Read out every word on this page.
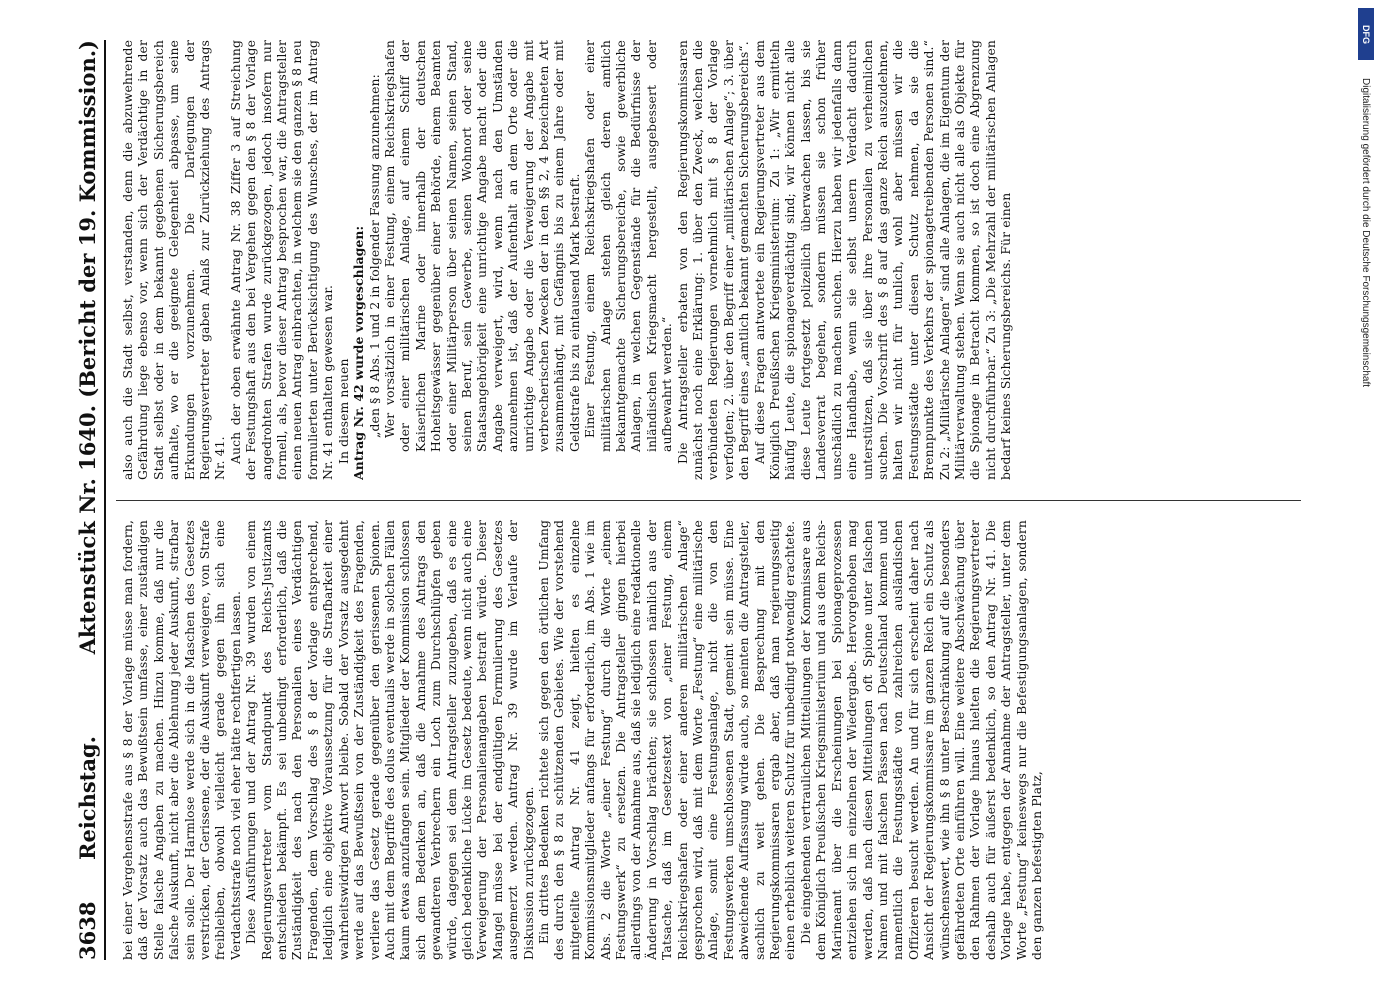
3638
Reichstag.
Aktenstück Nr. 1640. (Bericht der 19. Kommission.)

bei einer Vergehensstrafe aus § 8 der Vorlage müsse man fordern, daß der Vorsatz auch das Bewußtsein umfasse, einer zuständigen Stelle falsche Angaben zu machen. Hinzu komme, daß nur die falsche Auskunft, nicht aber die Ablehnung jeder Auskunft, strafbar sein solle. Der Harmlose werde sich in die Maschen des Gesetzes verstricken, der Gerissene, der die Auskunft verweigere, von Strafe freibleiben, obwohl vielleicht gerade gegen ihn sich eine Verdachtsstrafe noch viel eher hätte rechtfertigen lassen. Diese Ausführungen und der Antrag Nr. 39 wurden von einem Regierungsvertreter vom Standpunkt des Reichs-Justizamts entschieden bekämpft. Es sei unbedingt erforderlich, daß die Zuständigkeit des nach den Personalien eines Verdächtigen Fragenden, dem Vorschlag des § 8 der Vorlage entsprechend, lediglich eine objektive Voraussetzung für die Strafbarkeit einer wahrheitswidrigen Antwort bleibe. Sobald der Vorsatz ausgedehnt werde auf das Bewußtsein von der Zuständigkeit des Fragenden, verliere das Gesetz gerade gegenüber den gerissenen Spionen. Auch mit dem Begriffe des dolus eventualis werde in solchen Fällen kaum etwas anzufangen sein. Mitglieder der Kommission schlossen sich dem Bedenken an, daß die Annahme des Antrags den gewandteren Verbrechern ein Loch zum Durchschlüpfen geben würde, dagegen sei dem Antragsteller zuzugeben, daß es eine gleich bedenkliche Lücke im Gesetz bedeute, wenn nicht auch eine Verweigerung der Personalienangaben bestraft würde. Dieser Mangel müsse bei der endgültigen Formulierung des Gesetzes ausgemerzt werden. Antrag Nr. 39 wurde im Verlaufe der Diskussion zurückgezogen. Ein drittes Bedenken richtete sich gegen den örtlichen Umfang des durch den § 8 zu schützenden Gebietes. Wie der vorstehend mitgeteilte Antrag Nr. 41 zeigt, hielten es einzelne Kommissionsmitglieder anfangs für erforderlich, im Abs. 1 wie im Abs. 2 die Worte „einer Festung“ durch die Worte „einem Festungswerk“ zu ersetzen. Die Antragsteller gingen hierbei allerdings von der Annahme aus, daß sie lediglich eine redaktionelle Änderung in Vorschlag brächten; sie schlossen nämlich aus der Tatsache, daß im Gesetzestext von „einer Festung, einem Reichskriegshafen oder einer anderen militärischen Anlage“ gesprochen wird, daß mit dem Worte „Festung“ eine militärische Anlage, somit eine Festungsanlage, nicht die von den Festungswerken umschlossenen Stadt, gemeint sein müsse. Eine abweichende Auffassung würde auch, so meinten die Antragsteller, sachlich zu weit gehen. Die Besprechung mit den Regierungskommissaren ergab aber, daß man regierungsseitig einen erheblich weiteren Schutz für unbedingt notwendig erachtete. Die eingehenden vertraulichen Mitteilungen der Kommissare aus dem Königlich Preußischen Kriegsministerium und aus dem Reichs-Marineamt über die Erscheinungen bei Spionageprozessen entziehen sich im einzelnen der Wiedergabe. Hervorgehoben mag werden, daß nach diesen Mitteilungen oft Spione unter falschen Namen und mit falschen Pässen nach Deutschland kommen und namentlich die Festungsstädte von zahlreichen ausländischen Offizieren besucht werden. An und für sich erscheint daher nach Ansicht der Regierungskommissare im ganzen Reich ein Schutz als wünschenswert, wie ihn § 8 unter Beschränkung auf die besonders gefährdeten Orte einführen will. Eine weitere Abschwächung über den Rahmen der Vorlage hinaus hielten die Regierungsvertreter deshalb auch für äußerst bedenklich, so den Antrag Nr. 41. Die Vorlage habe, entgegen der Annahme der Antragsteller, unter dem Worte „Festung“ keineswegs nur die Befestigungsanlagen, sondern den ganzen befestigten Platz,

also auch die Stadt selbst, verstanden, denn die abzuwehrende Gefährdung liege ebenso vor, wenn sich der Verdächtige in der Stadt selbst oder in dem bekannt gegebenen Sicherungsbereich aufhalte, wo er die geeignete Gelegenheit abpasse, um seine Erkundungen vorzunehmen. Die Darlegungen der Regierungsvertreter gaben Anlaß zur Zurückziehung des Antrags Nr. 41. Auch der oben erwähnte Antrag Nr. 38 Ziffer 3 auf Streichung der Festungshaft aus den bei Vergehen gegen den § 8 der Vorlage angedrohten Strafen wurde zurückgezogen, jedoch insofern nur formell, als, bevor dieser Antrag besprochen war, die Antragsteller einen neuen Antrag einbrachten, in welchem sie den ganzen § 8 neu formulierten unter Berücksichtigung des Wunsches, der im Antrag Nr. 41 enthalten gewesen war. In diesem neuen Antrag Nr. 42 wurde vorgeschlagen: „den § 8 Abs. 1 und 2 in folgender Fassung anzunehmen: Wer vorsätzlich in einer Festung, einem Reichskriegshafen oder einer militärischen Anlage, auf einem Schiff der Kaiserlichen Marine oder innerhalb der deutschen Hoheitsgewässer gegenüber einer Behörde, einem Beamten oder einer Militärperson über seinen Namen, seinen Stand, seinen Beruf, sein Gewerbe, seinen Wohnort oder seine Staatsangehörigkeit eine unrichtige Angabe macht oder die Angabe verweigert, wird, wenn nach den Umständen anzunehmen ist, daß der Aufenthalt an dem Orte oder die unrichtige Angabe oder die Verweigerung der Angabe mit verbrecherischen Zwecken der in den §§ 2, 4 bezeichneten Art zusammenhängt, mit Gefängnis bis zu einem Jahre oder mit Geldstrafe bis zu eintausend Mark bestraft. Einer Festung, einem Reichskriegshafen oder einer militärischen Anlage stehen gleich deren amtlich bekanntgemachte Sicherungsbereiche, sowie gewerbliche Anlagen, in welchen Gegenstände für die Bedürfnisse der inländischen Kriegsmacht hergestellt, ausgebessert oder aufbewahrt werden.“ Die Antragsteller erbaten von den Regierungskommissaren zunächst noch eine Erklärung: 1. über den Zweck, welchen die verbündeten Regierungen vornehmlich mit § 8 der Vorlage verfolgten; 2. über den Begriff einer „militärischen Anlage“; 3. über den Begriff eines „amtlich bekannt gemachten Sicherungsbereichs“. Auf diese Fragen antwortete ein Regierungsvertreter aus dem Königlich Preußischen Kriegsministerium: Zu 1: „Wir ermitteln häufig Leute, die spionageverdächtig sind; wir können nicht alle diese Leute fortgesetzt polizeilich überwachen lassen, bis sie Landesverrat begehen, sondern müssen sie schon früher unschädlich zu machen suchen. Hierzu haben wir jedenfalls dann eine Handhabe, wenn sie selbst unsern Verdacht dadurch unterstützen, daß sie über ihre Personalien zu verheimlichen suchen. Die Vorschrift des § 8 auf das ganze Reich auszudehnen, halten wir nicht für tunlich, wohl aber müssen wir die Festungsstädte unter diesen Schutz nehmen, da sie die Brennpunkte des Verkehrs der spionagetreibenden Personen sind.“ Zu 2: „Militärische Anlagen“ sind alle Anlagen, die im Eigentum der Militärverwaltung stehen. Wenn sie auch nicht alle als Objekte für die Spionage in Betracht kommen, so ist doch eine Abgrenzung nicht durchführbar.“ Zu 3: „Die Mehrzahl der militärischen Anlagen bedarf keines Sicherungsbereichs. Für einen

DFG
Digitalisierung gefördert durch die Deutsche Forschungsgemeinschaft
